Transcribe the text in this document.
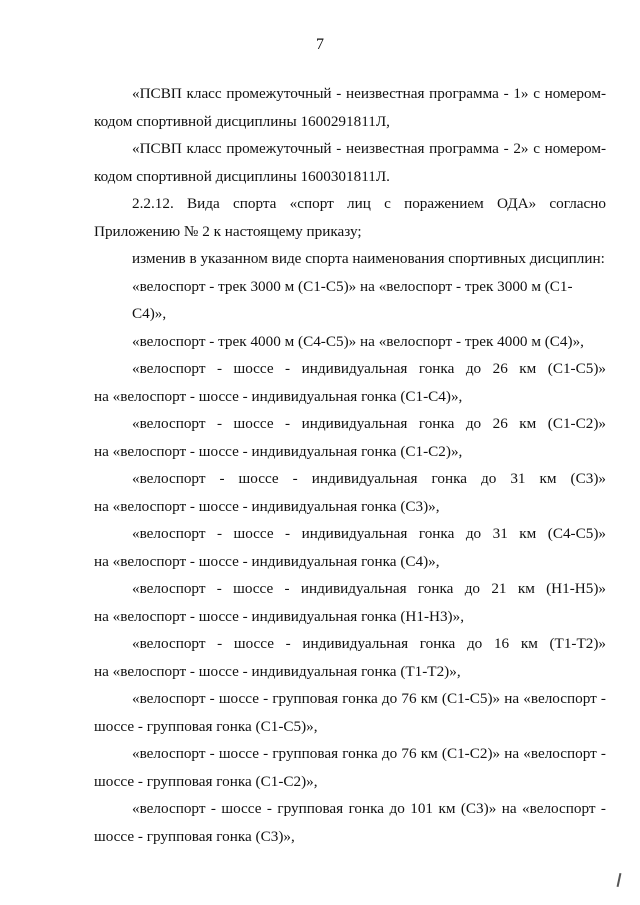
7
«ПСВП класс промежуточный - неизвестная программа - 1» с номером-
кодом спортивной дисциплины 1600291811Л,
«ПСВП класс промежуточный - неизвестная программа - 2» с номером-
кодом спортивной дисциплины 1600301811Л.
2.2.12. Вида спорта «спорт лиц с поражением ОДА» согласно
Приложению № 2 к настоящему приказу;
изменив в указанном виде спорта наименования спортивных дисциплин:
«велоспорт - трек 3000 м (C1-C5)» на «велоспорт - трек 3000 м (C1-C4)»,
«велоспорт - трек 4000 м (C4-C5)» на «велоспорт - трек 4000 м (C4)»,
«велоспорт - шоссе - индивидуальная гонка до 26 км (C1-C5)»
на «велоспорт - шоссе - индивидуальная гонка (C1-C4)»,
«велоспорт - шоссе - индивидуальная гонка до 26 км (C1-C2)»
на «велоспорт - шоссе - индивидуальная гонка (C1-C2)»,
«велоспорт - шоссе - индивидуальная гонка до 31 км (C3)»
на «велоспорт - шоссе - индивидуальная гонка (C3)»,
«велоспорт - шоссе - индивидуальная гонка до 31 км (C4-C5)»
на «велоспорт - шоссе - индивидуальная гонка (C4)»,
«велоспорт - шоссе - индивидуальная гонка до 21 км (H1-H5)»
на «велоспорт - шоссе - индивидуальная гонка (H1-H3)»,
«велоспорт - шоссе - индивидуальная гонка до 16 км (T1-T2)»
на «велоспорт - шоссе - индивидуальная гонка (T1-T2)»,
«велоспорт - шоссе - групповая гонка до 76 км (C1-C5)» на «велоспорт -
шоссе - групповая гонка (C1-C5)»,
«велоспорт - шоссе - групповая гонка до 76 км (C1-C2)» на «велоспорт -
шоссе - групповая гонка (C1-C2)»,
«велоспорт - шоссе - групповая гонка до 101 км (C3)» на «велоспорт -
шоссе - групповая гонка (C3)»,
